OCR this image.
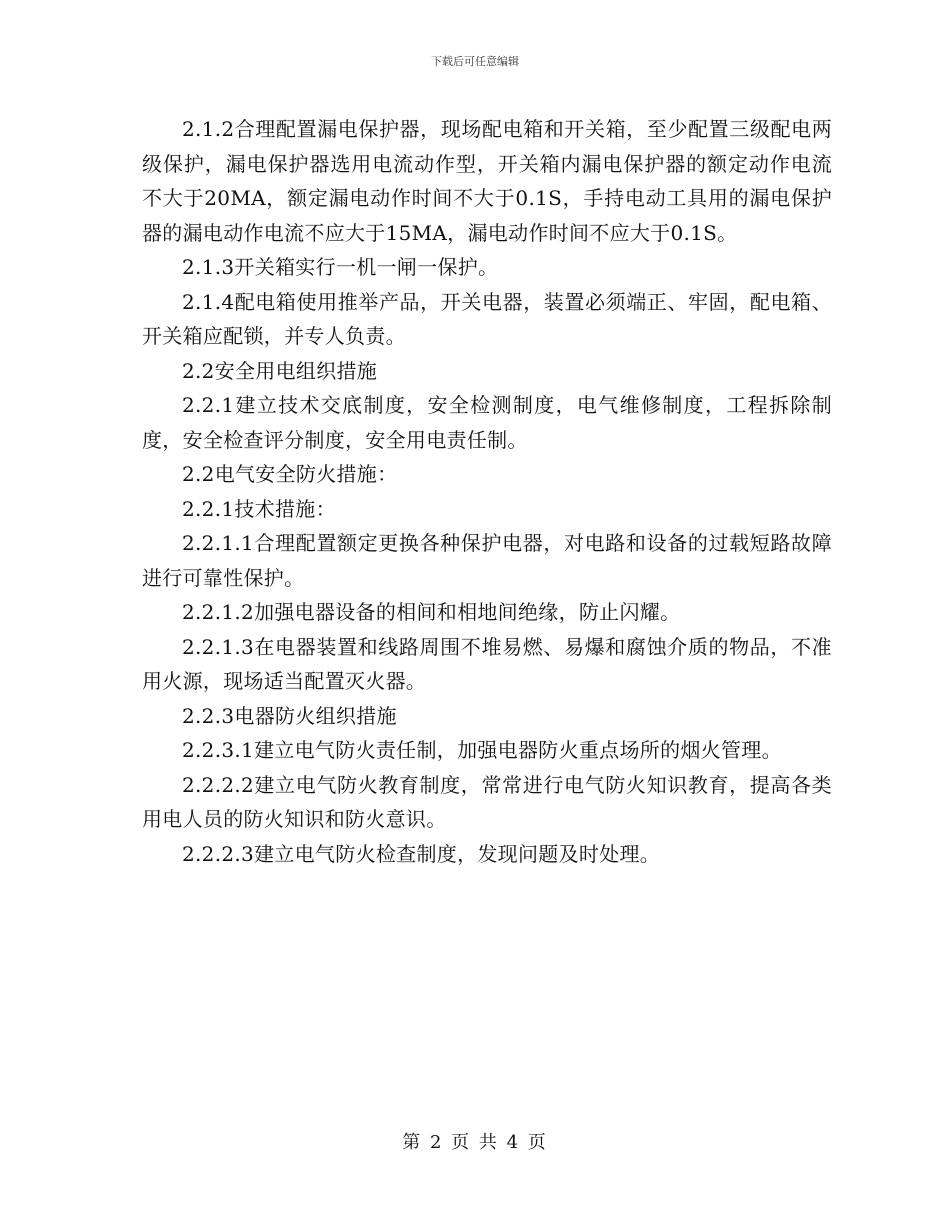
下载后可任意编辑

2.1.2合理配置漏电保护器，现场配电箱和开关箱，至少配置三级配电两级保护，漏电保护器选用电流动作型，开关箱内漏电保护器的额定动作电流不大于20MA，额定漏电动作时间不大于0.1S，手持电动工具用的漏电保护器的漏电动作电流不应大于15MA，漏电动作时间不应大于0.1S。

2.1.3开关箱实行一机一闸一保护。

2.1.4配电箱使用推举产品，开关电器，装置必须端正、牢固，配电箱、开关箱应配锁，并专人负责。

2.2安全用电组织措施

2.2.1建立技术交底制度，安全检测制度，电气维修制度，工程拆除制度，安全检查评分制度，安全用电责任制。

2.2电气安全防火措施：

2.2.1技术措施：

2.2.1.1合理配置额定更换各种保护电器，对电路和设备的过载短路故障进行可靠性保护。

2.2.1.2加强电器设备的相间和相地间绝缘，防止闪耀。

2.2.1.3在电器装置和线路周围不堆易燃、易爆和腐蚀介质的物品，不准用火源，现场适当配置灭火器。

2.2.3电器防火组织措施

2.2.3.1建立电气防火责任制，加强电器防火重点场所的烟火管理。

2.2.2.2建立电气防火教育制度，常常进行电气防火知识教育，提高各类用电人员的防火知识和防火意识。

2.2.2.3建立电气防火检查制度，发现问题及时处理。

第 2 页 共 4 页
